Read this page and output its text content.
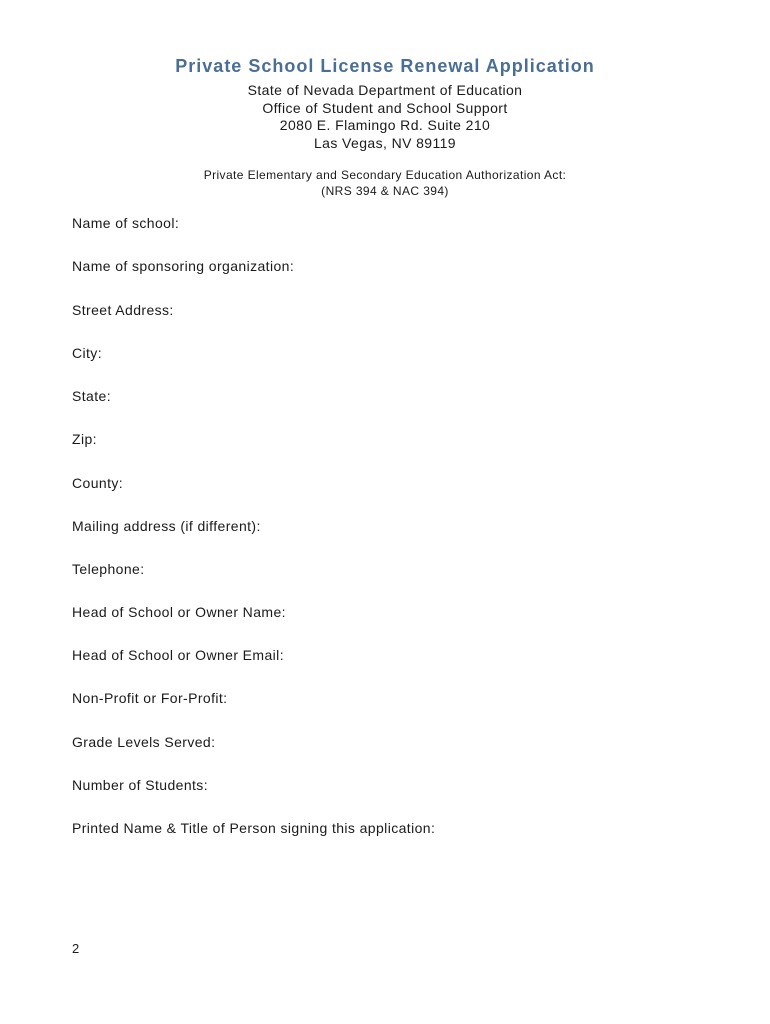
Private School License Renewal Application
State of Nevada Department of Education
Office of Student and School Support
2080 E. Flamingo Rd. Suite 210
Las Vegas, NV 89119
Private Elementary and Secondary Education Authorization Act:
(NRS 394 & NAC 394)
Name of school:
Name of sponsoring organization:
Street Address:
City:
State:
Zip:
County:
Mailing address (if different):
Telephone:
Head of School or Owner Name:
Head of School or Owner Email:
Non-Profit or For-Profit:
Grade Levels Served:
Number of Students:
Printed Name & Title of Person signing this application:
2
